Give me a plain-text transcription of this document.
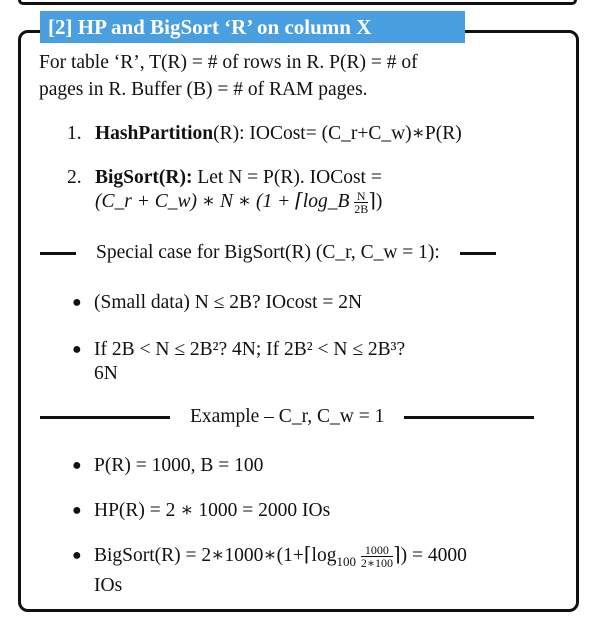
[2] HP and BigSort ‘R’ on column X
For table ‘R’, T(R) = # of rows in R. P(R) = # of
pages in R. Buffer (B) = # of RAM pages.
1. HashPartition(R): IOCost= (C_r+C_w)∗P(R)
2. BigSort(R): Let N = P(R). IOCost =
(C_r + C_w) ∗ N ∗ (1 + ⌈log_B $\frac{N}{2B}$ ⌉)
Special case for BigSort(R) (C_r, C_w = 1):
● (Small data) N ≤ 2B? IOcost = 2N
● If 2B < N ≤ 2B²? 4N; If 2B² < N ≤ 2B³?
6N
Example – C_r, C_w = 1
● P(R) = 1000, B = 100
● HP(R) = 2 ∗ 1000 = 2000 IOs
● BigSort(R) = $2∗1000∗(1+⌈\log_{100} \frac{1000}{2∗100}$ ⌉) = 4000
IOs
